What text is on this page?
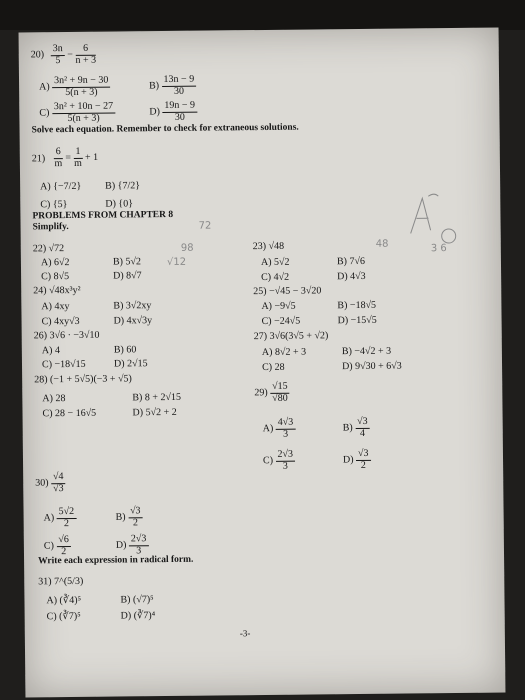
$20) \frac{3n}{5} - \frac{6}{n + 3}$
$A) \frac{\text{3n² + 9n − 30}}{5(n + 3)}$	$B) \frac{13n - 9}{30}$
$C) \frac{\text{3n² + 10n − 27}}{5(n + 3)}$	$D) \frac{19n - 9}{30}$
Solve each equation. Remember to check for extraneous solutions.
$21) \frac{6}{m} = \frac{1}{m} + 1$
A) {−7/2} B) {7/2}
C) {5}	D) {0}
PROBLEMS FROM CHAPTER 8
Simplify.
22) √72
A) 6√2	B) 5√2
C) 8√5	D) 8√7
24) √48x³y²
A) 4xy	B) 3√2xy
C) 4xy√3	D) 4x√3y
26) 3√6 · −3√10
A) 4	B) 60
C) −18√15	D) 2√15
28) (−1 + 5√5)(−3 + √5)
A) 28	B) 8 + 2√15
C) 28 − 16√5	D) 5√2 + 2
23) √48
A) 5√2	B) 7√6
C) 4√2	D) 4√3
25) −√45 − 3√20
A) −9√5	B) −18√5
C) −24√5	D) −15√5
27) 3√6(3√5 + √2)
A) 8√2 + 3	B) −4√2 + 3
C) 28	D) 9√30 + 6√3
$29) \frac{√15}{√80}$
$A) \frac{4√3}{3}$	$B) \frac{√3}{4}$
$C) \frac{2√3}{3}$	$D) \frac{√3}{2}$
$30) \frac{√4}{√3}$
$A) \frac{5√2}{2}$	$B) \frac{√3}{2}$
$C) \frac{√6}{2}$	$D) \frac{2√3}{3}$
Write each expression in radical form.
31) 7^(5/3)
A) (∛4)⁵	B) (√7)⁵
C) (∛7)⁵	D) (∛7)⁴
-3-
72
98
√12
48	3 6
